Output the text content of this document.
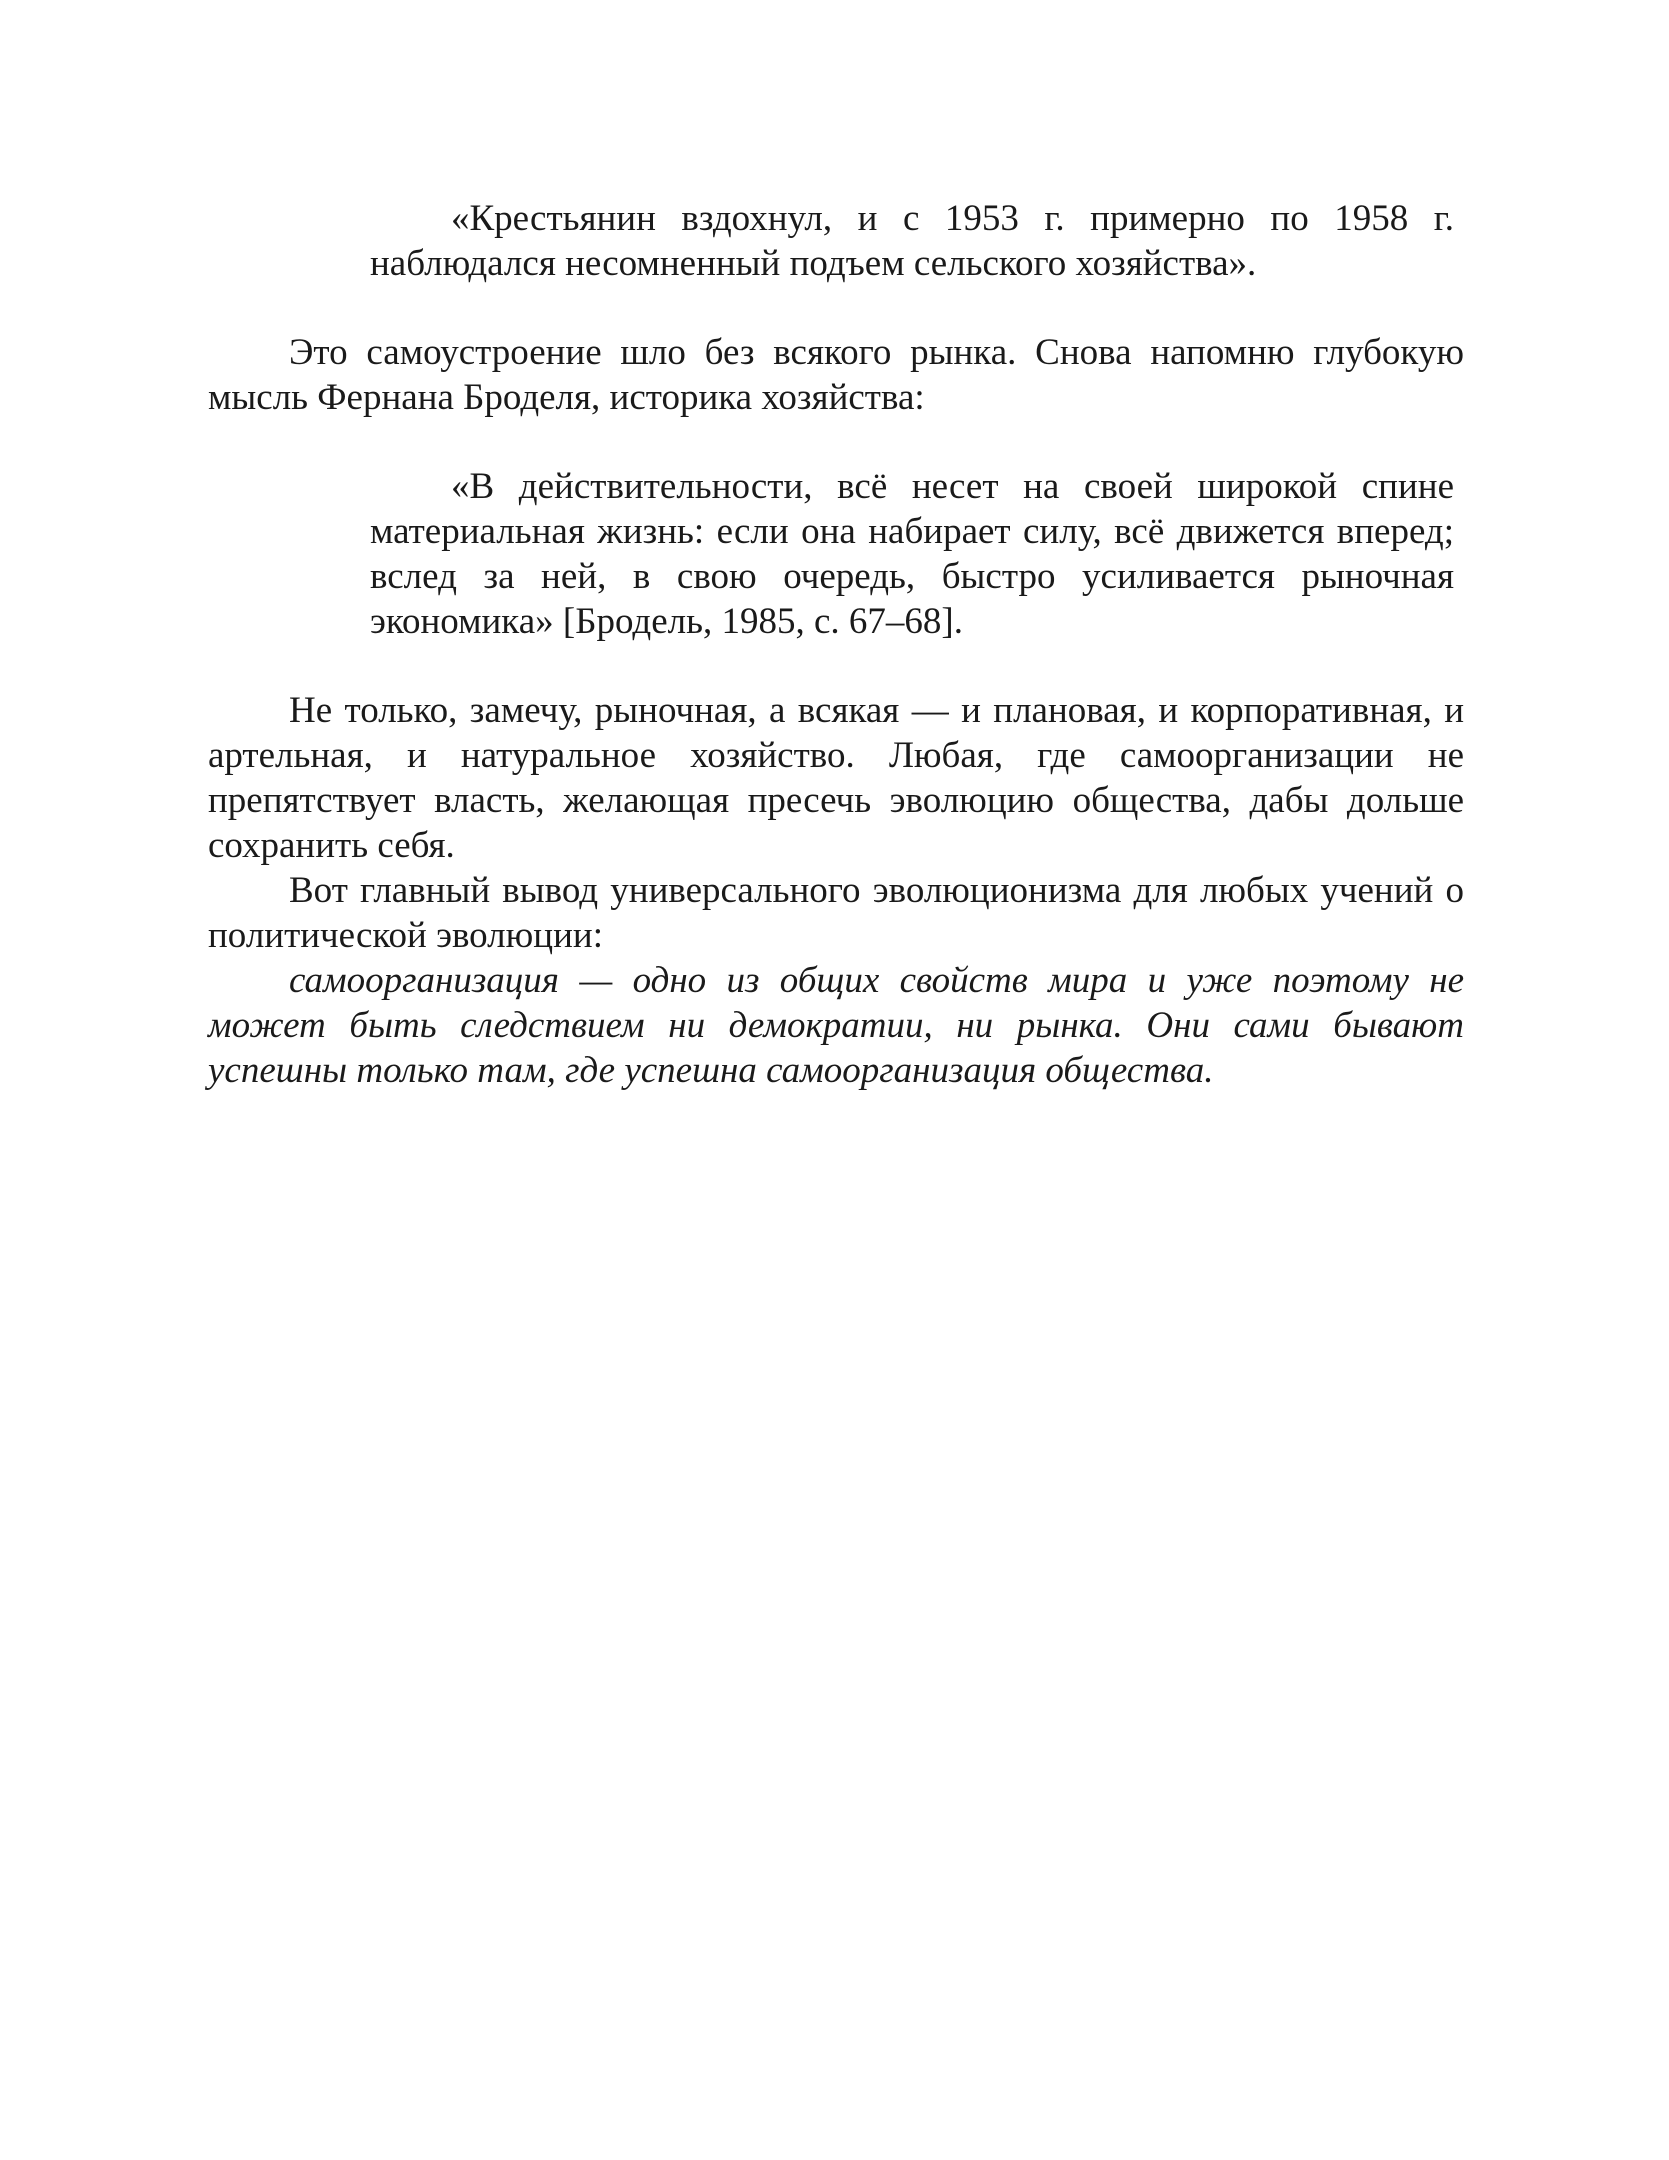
«Крестьянин вздохнул, и с 1953 г. примерно по 1958 г. наблюдался несомненный подъем сельского хозяйства».

Это самоустроение шло без всякого рынка. Снова напомню глубокую мысль Фернана Броделя, историка хозяйства:

«В действительности, всё несет на своей широкой спине материальная жизнь: если она набирает силу, всё движется вперед; вслед за ней, в свою очередь, быстро усиливается рыночная экономика» [Бродель, 1985, с. 67–68].

Не только, замечу, рыночная, а всякая — и плановая, и корпоративная, и артельная, и натуральное хозяйство. Любая, где самоорганизации не препятствует власть, желающая пресечь эволюцию общества, дабы дольше сохранить себя.

Вот главный вывод универсального эволюционизма для любых учений о политической эволюции:

самоорганизация — одно из общих свойств мира и уже поэтому не может быть следствием ни демократии, ни рынка. Они сами бывают успешны только там, где успешна самоорганизация общества.
